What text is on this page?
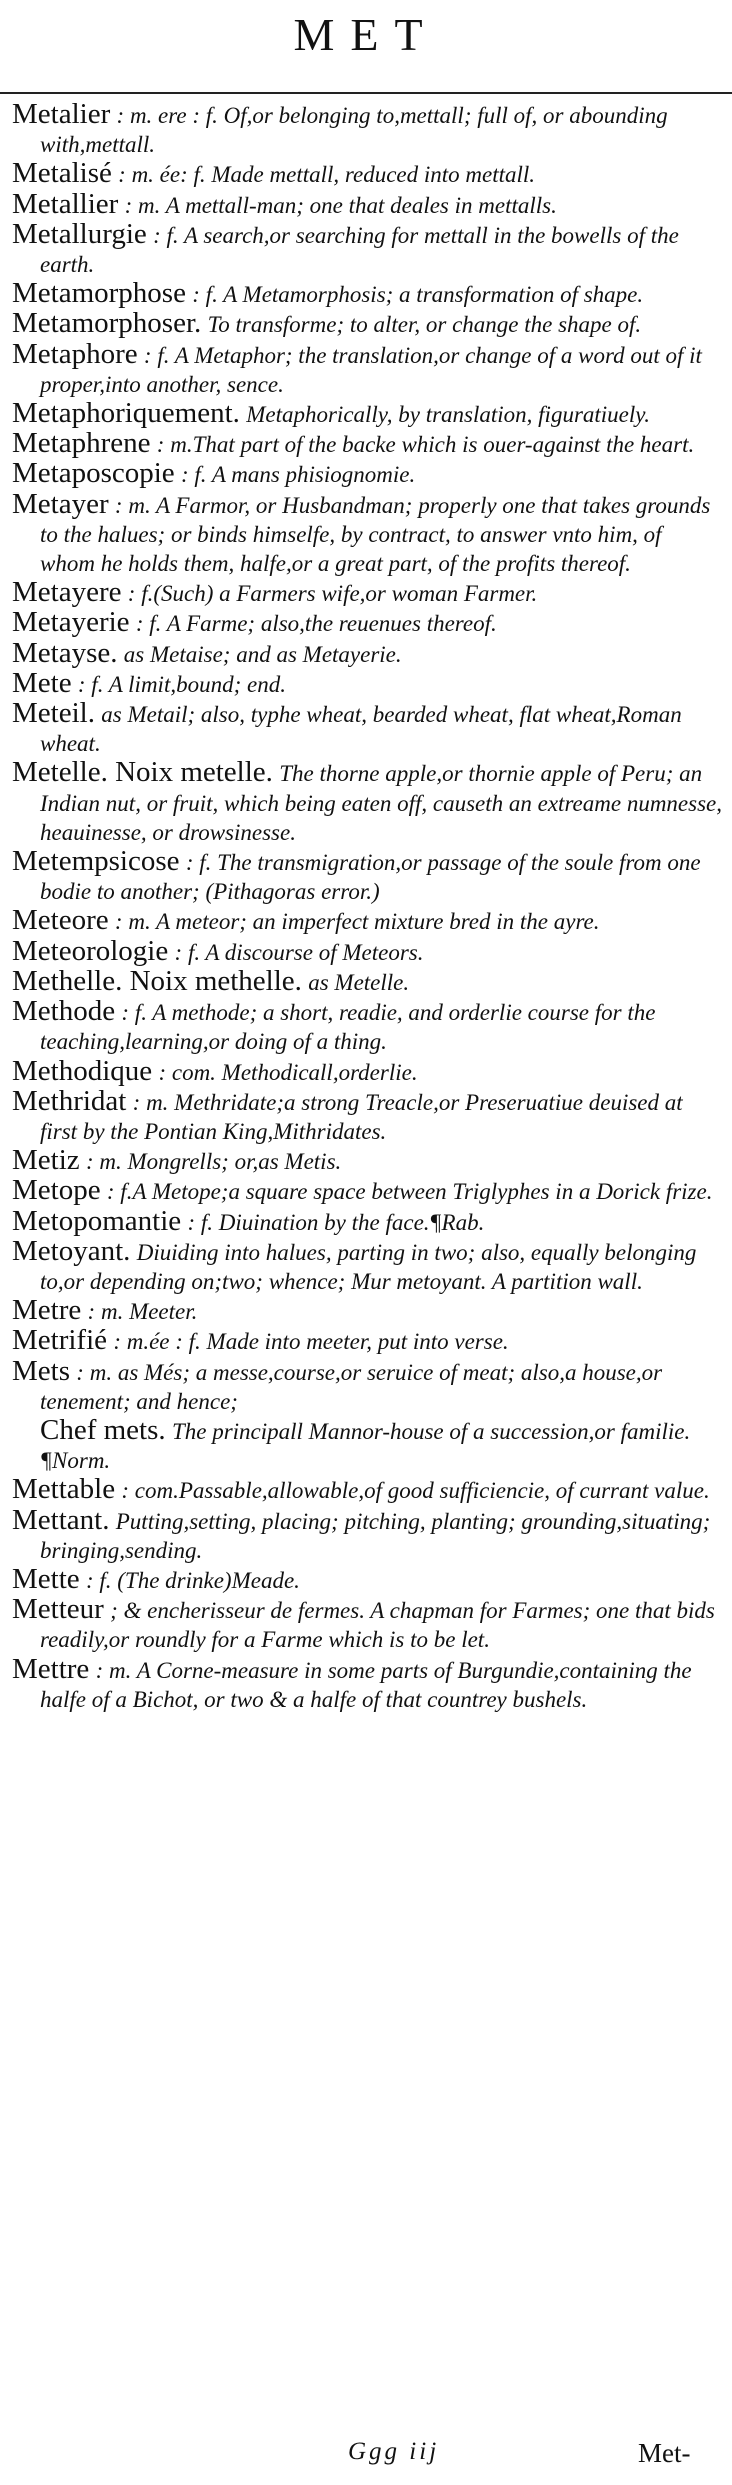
MET

Metalier : m. ere : f. Of,or belonging to,mettall; full of, or abounding with,mettall.

Metalisé : m. ée: f. Made mettall, reduced into mettall.

Metallier : m. A mettall-man; one that deales in mettalls.

Metallurgie : f. A search,or searching for mettall in the bowells of the earth.

Metamorphose : f. A Metamorphosis; a transformation of shape.

Metamorphoser. To transforme; to alter, or change the shape of.

Metaphore : f. A Metaphor; the translation,or change of a word out of it proper,into another, sence.

Metaphoriquement. Metaphorically, by translation, figuratiuely.

Metaphrene : m.That part of the backe which is ouer-against the heart.

Metaposcopie : f. A mans phisiognomie.

Metayer : m. A Farmor, or Husbandman; properly one that takes grounds to the halues; or binds himselfe, by contract, to answer vnto him, of whom he holds them, halfe,or a great part, of the profits thereof.

Metayere : f.(Such) a Farmers wife,or woman Farmer.

Metayerie : f. A Farme; also,the reuenues thereof.

Metayse. as Metaise; and as Metayerie.

Mete : f. A limit,bound; end.

Meteil. as Metail; also, typhe wheat, bearded wheat, flat wheat,Roman wheat.

Metelle. Noix metelle. The thorne apple,or thornie apple of Peru; an Indian nut, or fruit, which being eaten off, causeth an extreame numnesse, heauinesse, or drowsinesse.

Metempsicose : f. The transmigration,or passage of the soule from one bodie to another; (Pithagoras error.)

Meteore : m. A meteor; an imperfect mixture bred in the ayre.

Meteorologie : f. A discourse of Meteors.

Methelle. Noix methelle. as Metelle.

Methode : f. A methode; a short, readie, and orderlie course for the teaching,learning,or doing of a thing.

Methodique : com. Methodicall,orderlie.

Methridat : m. Methridate;a strong Treacle,or Preseruatiue deuised at first by the Pontian King,Mithridates.

Metiz : m. Mongrells; or,as Metis.

Metope : f.A Metope;a square space between Triglyphes in a Dorick frize.

Metopomantie : f. Diuination by the face.¶Rab.

Metoyant. Diuiding into halues, parting in two; also, equally belonging to,or depending on;two; whence; Mur metoyant. A partition wall.

Metre : m. Meeter.

Metrifié : m.ée : f. Made into meeter, put into verse.

Mets : m. as Més; a messe,course,or seruice of meat; also,a house,or tenement; and hence;

Chef mets. The principall Mannor-house of a succession,or familie. ¶Norm.

Mettable : com.Passable,allowable,of good sufficiencie, of currant value.

Mettant. Putting,setting, placing; pitching, planting; grounding,situating; bringing,sending.

Mette : f. (The drinke)Meade.

Metteur ; & encherisseur de fermes. A chapman for Farmes; one that bids readily,or roundly for a Farme which is to be let.

Mettre : m. A Corne-measure in some parts of Burgundie,containing the halfe of a Bichot, or two & a halfe of that countrey bushels.

Ggg iij	Met-
